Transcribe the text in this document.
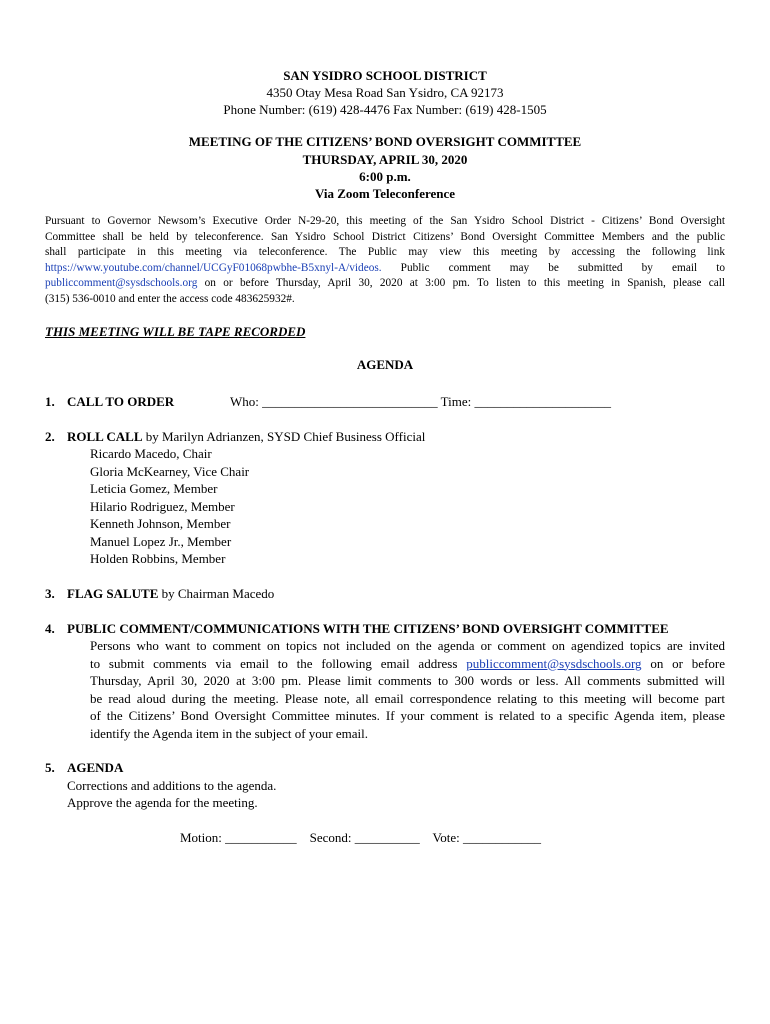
SAN YSIDRO SCHOOL DISTRICT
4350 Otay Mesa Road San Ysidro, CA 92173
Phone Number: (619) 428-4476 Fax Number: (619) 428-1505
MEETING OF THE CITIZENS’ BOND OVERSIGHT COMMITTEE
THURSDAY, APRIL 30, 2020
6:00 p.m.
Via Zoom Teleconference
Pursuant to Governor Newsom’s Executive Order N-29-20, this meeting of the San Ysidro School District - Citizens’ Bond Oversight
Committee shall be held by teleconference. San Ysidro School District Citizens’ Bond Oversight Committee Members and the public
shall participate in this meeting via teleconference. The Public may view this meeting by accessing the following link
https://www.youtube.com/channel/UCGyF01068pwbhe-B5xnyl-A/videos. Public comment may be submitted by email to
publiccomment@sysdschools.org on or before Thursday, April 30, 2020 at 3:00 pm. To listen to this meeting in Spanish, please call
(315) 536-0010 and enter the access code 483625932#.
THIS MEETING WILL BE TAPE RECORDED
AGENDA
1. CALL TO ORDER	Who: ___________________________ Time: _____________________
2. ROLL CALL by Marilyn Adrianzen, SYSD Chief Business Official
Ricardo Macedo, Chair
Gloria McKearney, Vice Chair
Leticia Gomez, Member
Hilario Rodriguez, Member
Kenneth Johnson, Member
Manuel Lopez Jr., Member
Holden Robbins, Member
3. FLAG SALUTE by Chairman Macedo
4. PUBLIC COMMENT/COMMUNICATIONS WITH THE CITIZENS’ BOND OVERSIGHT COMMITTEE
Persons who want to comment on topics not included on the agenda or comment on agendized topics are invited
to submit comments via email to the following email address publiccomment@sysdschools.org on or before
Thursday, April 30, 2020 at 3:00 pm. Please limit comments to 300 words or less. All comments submitted will
be read aloud during the meeting. Please note, all email correspondence relating to this meeting will become part
of the Citizens’ Bond Oversight Committee minutes. If your comment is related to a specific Agenda item, please
identify the Agenda item in the subject of your email.
5. AGENDA
Corrections and additions to the agenda.
Approve the agenda for the meeting.
Motion: ___________    Second: __________    Vote: ____________
